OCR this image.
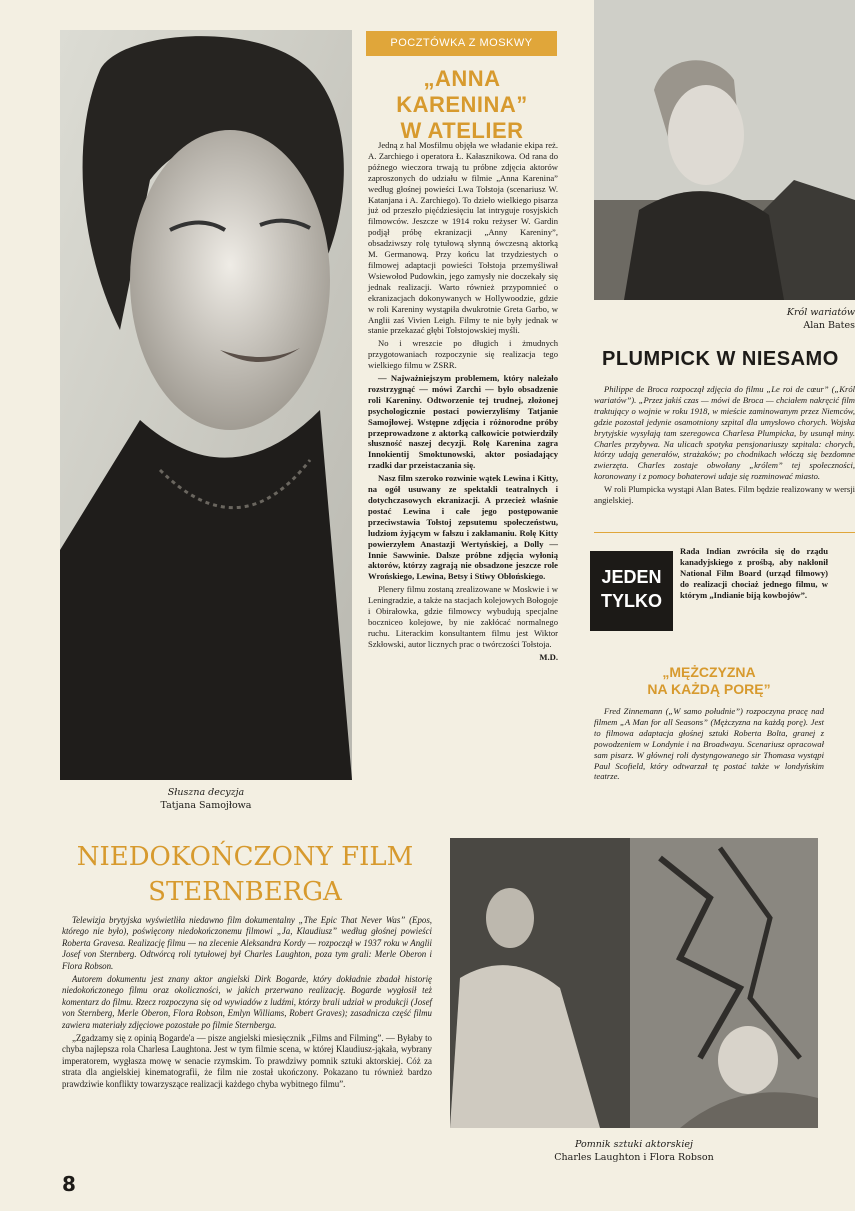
Słuszna decyzja
Tatjana Samojłowa
POCZTÓWKA Z MOSKWY
„ANNA KARENINA”
W ATELIER

Jedną z hal Mosfilmu objęła we władanie ekipa reż. A. Zarchiego i operatora Ł. Kałasznikowa. Od rana do późnego wieczora trwają tu próbne zdjęcia aktorów zaproszonych do udziału w filmie „Anna Karenina” według głośnej powieści Lwa Tołstoja (scenariusz W. Katanjana i A. Zarchiego). To dzieło wielkiego pisarza już od przeszło pięćdziesięciu lat intryguje rosyjskich filmowców. Jeszcze w 1914 roku reżyser W. Gardin podjął próbę ekranizacji „Anny Kareniny”, obsadziwszy rolę tytułową słynną ówczesną aktorką M. Germanową. Przy końcu lat trzydziestych o filmowej adaptacji powieści Tołstoja przemyśliwał Wsiewołod Pudowkin, jego zamysły nie doczekały się jednak realizacji. Warto również przypomnieć o ekranizacjach dokonywanych w Hollywoodzie, gdzie w roli Kareniny wystąpiła dwukrotnie Greta Garbo, w Anglii zaś Vivien Leigh. Filmy te nie były jednak w stanie przekazać głębi Tołstojowskiej myśli.

No i wreszcie po długich i żmudnych przygotowaniach rozpoczynie się realizacja tego wielkiego filmu w ZSRR.

— Najważniejszym problemem, który należało rozstrzygnąć — mówi Zarchi — było obsadzenie roli Kareniny. Odtworzenie tej trudnej, złożonej psychologicznie postaci powierzyliśmy Tatjanie Samojłowej. Wstępne zdjęcia i różnorodne próby przeprowadzone z aktorką całkowicie potwierdziły słuszność naszej decyzji. Rolę Karenina zagra Innokientij Smoktunowski, aktor posiadający rzadki dar przeistaczania się.

Nasz film szeroko rozwinie wątek Lewina i Kitty, na ogół usuwany ze spektakli teatralnych i dotychczasowych ekranizacji. A przecież właśnie postać Lewina i całe jego postępowanie przeciwstawia Tołstoj zepsutemu społeczeństwu, ludziom żyjącym w fałszu i zakłamaniu. Rolę Kitty powierzyłem Anastazji Wertyńskiej, a Dolly — Innie Sawwinie. Dalsze próbne zdjęcia wyłonią aktorów, którzy zagrają nie obsadzone jeszcze role Wrońskiego, Lewina, Betsy i Stiwy Obłońskiego.

Plenery filmu zostaną zrealizowane w Moskwie i w Leningradzie, a także na stacjach kolejowych Bołogoje i Obirałowka, gdzie filmowcy wybudują specjalne boczniceo kolejowe, by nie zakłócać normalnego ruchu. Literackim konsultantem filmu jest Wiktor Szkłowski, autor licznych prac o twórczości Tołstoja.

M.D.
Król wariatów
Alan Bates
PLUMPICK W NIESAMO

Philippe de Broca rozpoczął zdjęcia do filmu „Le roi de cœur” („Król wariatów”). „Przez jakiś czas — mówi de Broca — chciałem nakręcić film traktujący o wojnie w roku 1918, w mieście zaminowanym przez Niemców, gdzie pozostał jedynie osamotniony szpital dla umysłowo chorych. Wojska brytyjskie wysyłają tam szeregowca Charlesa Plumpicka, by usunął miny. Charles przybywa. Na ulicach spotyka pensjonariuszy szpitala: chorych, którzy udają generałów, strażaków; po chodnikach włóczą się bezdomne zwierzęta. Charles zostaje obwołany „królem” tej społeczności, koronowany i z pomocy bohaterowi udaje się rozminować miasto.

W roli Plumpicka wystąpi Alan Bates. Film będzie realizowany w wersji angielskiej.

JEDEN
TYLKO
Rada Indian zwróciła się do rządu kanadyjskiego z prośbą, aby nakłonił National Film Board (urząd filmowy) do realizacji chociaż jednego filmu, w którym „Indianie biją kowbojów”.
„MĘŻCZYZNA
NA KAŻDĄ PORĘ”
Fred Zinnemann („W samo południe”) rozpoczyna pracę nad filmem „A Man for all Seasons” (Mężczyzna na każdą porę). Jest to filmowa adaptacja głośnej sztuki Roberta Bolta, granej z powodzeniem w Londynie i na Broadwayu. Scenariusz opracował sam pisarz. W głównej roli dystyngowanego sir Thomasa wystąpi Paul Scofield, który odtwarzał tę postać także w londyńskim teatrze.
NIEDOKOŃCZONY FILM
STERNBERGA

Telewizja brytyjska wyświetliła niedawno film dokumentalny „The Epic That Never Was” (Epos, którego nie było), poświęcony niedokończonemu filmowi „Ja, Klaudiusz” według głośnej powieści Roberta Gravesa. Realizację filmu — na zlecenie Aleksandra Kordy — rozpoczął w 1937 roku w Anglii Josef von Sternberg. Odtwórcą roli tytułowej był Charles Laughton, poza tym grali: Merle Oberon i Flora Robson.

Autorem dokumentu jest znany aktor angielski Dirk Bogarde, który dokładnie zbadał historię niedokończonego filmu oraz okoliczności, w jakich przerwano realizację. Bogarde wygłosił też komentarz do filmu. Rzecz rozpoczyna się od wywiadów z ludźmi, którzy brali udział w produkcji (Josef von Sternberg, Merle Oberon, Flora Robson, Emlyn Williams, Robert Graves); zasadnicza część filmu zawiera materiały zdjęciowe pozostałe po filmie Sternberga.

„Zgadzamy się z opinią Bogarde'a — pisze angielski miesięcznik „Films and Filming”. — Byłaby to chyba najlepsza rola Charlesa Laughtona. Jest w tym filmie scena, w której Klaudiusz-jąkała, wybrany imperatorem, wygłasza mowę w senacie rzymskim. To prawdziwy pomnik sztuki aktorskiej. Cóż za strata dla angielskiej kinematografii, że film nie został ukończony. Pokazano tu również bardzo prawdziwie konflikty towarzyszące realizacji każdego chyba wybitnego filmu”.

Pomnik sztuki aktorskiej
Charles Laughton i Flora Robson
8
